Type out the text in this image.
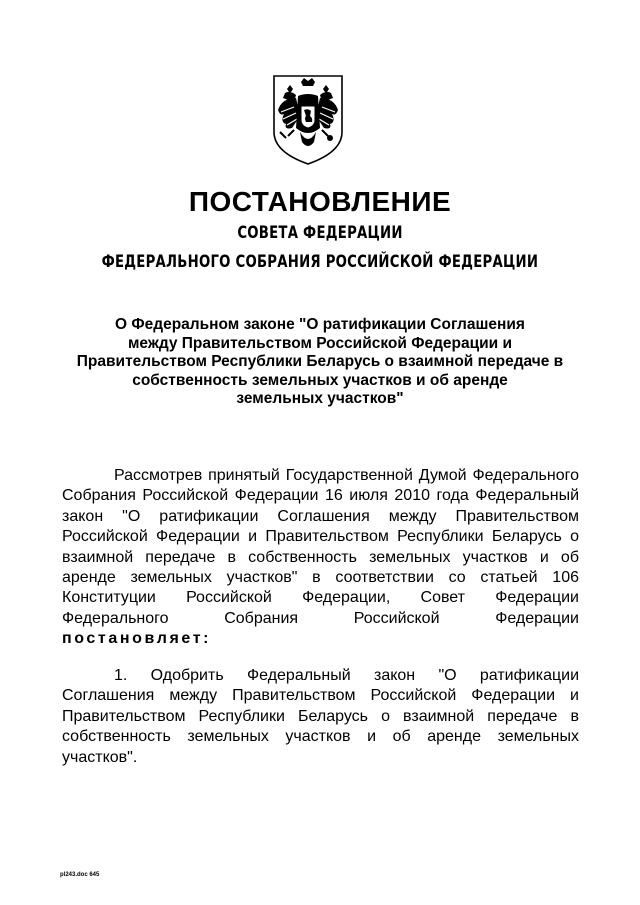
ПОСТАНОВЛЕНИЕ
СОВЕТА ФЕДЕРАЦИИ
ФЕДЕРАЛЬНОГО СОБРАНИЯ РОССИЙСКОЙ ФЕДЕРАЦИИ
О Федеральном законе "О ратификации Соглашения
между Правительством Российской Федерации и
Правительством Республики Беларусь о взаимной передаче в
собственность земельных участков и об аренде
земельных участков"
Рассмотрев принятый Государственной Думой Федерального
Собрания Российской Федерации 16 июля 2010 года Федеральный
закон "О ратификации Соглашения между Правительством
Российской Федерации и Правительством Республики Беларусь о
взаимной передаче в собственность земельных участков и об
аренде земельных участков" в соответствии со статьей 106
Конституции Российской Федерации, Совет Федерации
Федерального Собрания Российской Федерации
постановляет:
1. Одобрить Федеральный закон "О ратификации
Соглашения между Правительством Российской Федерации и
Правительством Республики Беларусь о взаимной передаче в
собственность земельных участков и об аренде земельных
участков".
pl243.doc 645
